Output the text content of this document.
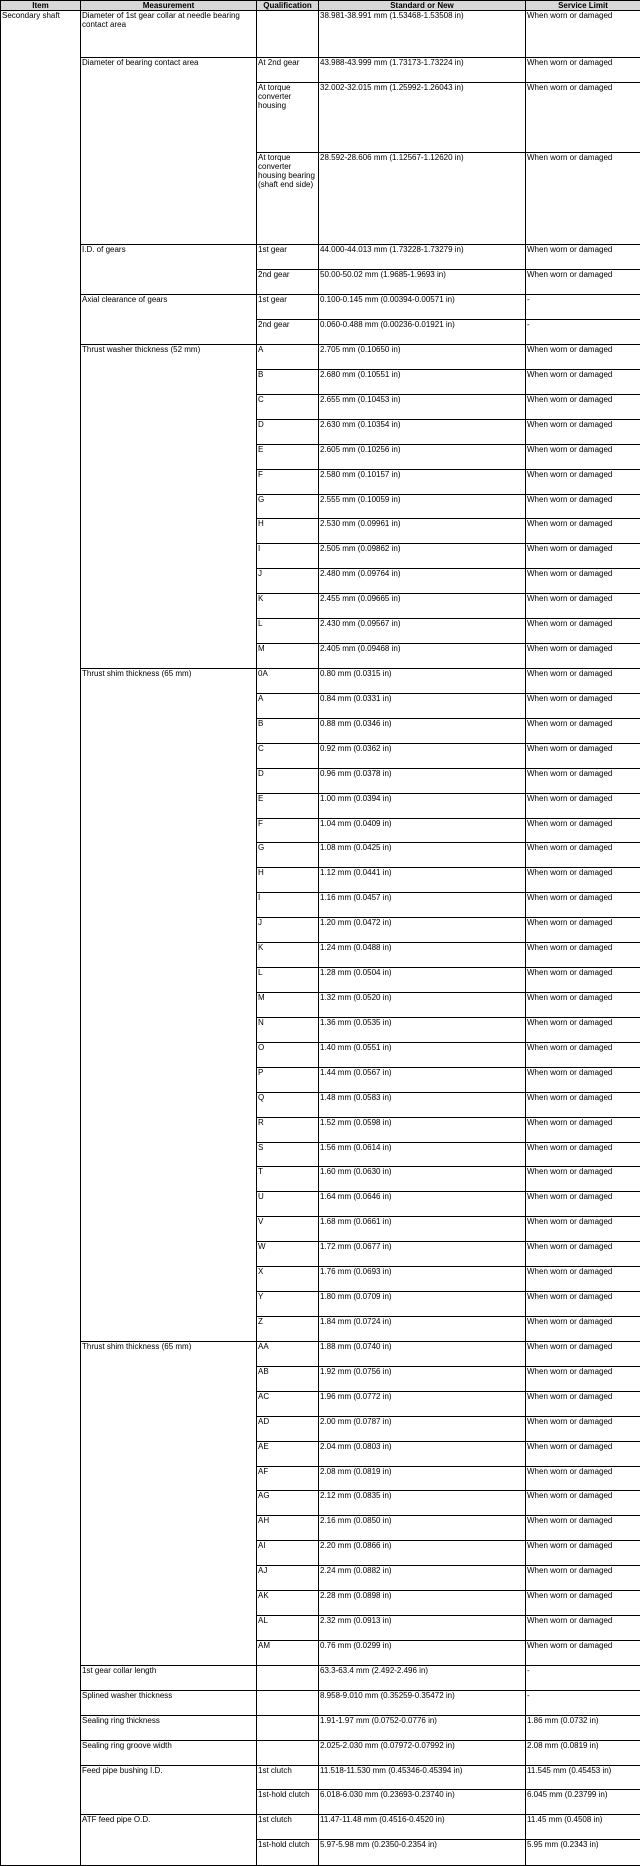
Item	Measurement	Qualification	Standard or New	Service Limit
Secondary shaft	Diameter of 1st gear collar at needle bearing contact area		38.981-38.991 mm (1.53468-1.53508 in)	When worn or damaged
	Diameter of bearing contact area	At 2nd gear	43.988-43.999 mm (1.73173-1.73224 in)	When worn or damaged
		At torque converter housing	32.002-32.015 mm (1.25992-1.26043 in)	When worn or damaged
		At torque converter housing bearing (shaft end side)	28.592-28.606 mm (1.12567-1.12620 in)	When worn or damaged
	I.D. of gears	1st gear	44.000-44.013 mm (1.73228-1.73279 in)	When worn or damaged
		2nd gear	50.00-50.02 mm (1.9685-1.9693 in)	When worn or damaged
	Axial clearance of gears	1st gear	0.100-0.145 mm (0.00394-0.00571 in)	-
		2nd gear	0.060-0.488 mm (0.00236-0.01921 in)	-
	Thrust washer thickness (52 mm)	A	2.705 mm (0.10650 in)	When worn or damaged
		B	2.680 mm (0.10551 in)	When worn or damaged
		C	2.655 mm (0.10453 in)	When worn or damaged
		D	2.630 mm (0.10354 in)	When worn or damaged
		E	2.605 mm (0.10256 in)	When worn or damaged
		F	2.580 mm (0.10157 in)	When worn or damaged
		G	2.555 mm (0.10059 in)	When worn or damaged
		H	2.530 mm (0.09961 in)	When worn or damaged
		I	2.505 mm (0.09862 in)	When worn or damaged
		J	2.480 mm (0.09764 in)	When worn or damaged
		K	2.455 mm (0.09665 in)	When worn or damaged
		L	2.430 mm (0.09567 in)	When worn or damaged
		M	2.405 mm (0.09468 in)	When worn or damaged
	Thrust shim thickness (65 mm)	0A	0.80 mm (0.0315 in)	When worn or damaged
		A	0.84 mm (0.0331 in)	When worn or damaged
		B	0.88 mm (0.0346 in)	When worn or damaged
		C	0.92 mm (0.0362 in)	When worn or damaged
		D	0.96 mm (0.0378 in)	When worn or damaged
		E	1.00 mm (0.0394 in)	When worn or damaged
		F	1.04 mm (0.0409 in)	When worn or damaged
		G	1.08 mm (0.0425 in)	When worn or damaged
		H	1.12 mm (0.0441 in)	When worn or damaged
		I	1.16 mm (0.0457 in)	When worn or damaged
		J	1.20 mm (0.0472 in)	When worn or damaged
		K	1.24 mm (0.0488 in)	When worn or damaged
		L	1.28 mm (0.0504 in)	When worn or damaged
		M	1.32 mm (0.0520 in)	When worn or damaged
		N	1.36 mm (0.0535 in)	When worn or damaged
		O	1.40 mm (0.0551 in)	When worn or damaged
		P	1.44 mm (0.0567 in)	When worn or damaged
		Q	1.48 mm (0.0583 in)	When worn or damaged
		R	1.52 mm (0.0598 in)	When worn or damaged
		S	1.56 mm (0.0614 in)	When worn or damaged
		T	1.60 mm (0.0630 in)	When worn or damaged
		U	1.64 mm (0.0646 in)	When worn or damaged
		V	1.68 mm (0.0661 in)	When worn or damaged
		W	1.72 mm (0.0677 in)	When worn or damaged
		X	1.76 mm (0.0693 in)	When worn or damaged
		Y	1.80 mm (0.0709 in)	When worn or damaged
		Z	1.84 mm (0.0724 in)	When worn or damaged
	Thrust shim thickness (65 mm)	AA	1.88 mm (0.0740 in)	When worn or damaged
		AB	1.92 mm (0.0756 in)	When worn or damaged
		AC	1.96 mm (0.0772 in)	When worn or damaged
		AD	2.00 mm (0.0787 in)	When worn or damaged
		AE	2.04 mm (0.0803 in)	When worn or damaged
		AF	2.08 mm (0.0819 in)	When worn or damaged
		AG	2.12 mm (0.0835 in)	When worn or damaged
		AH	2.16 mm (0.0850 in)	When worn or damaged
		AI	2.20 mm (0.0866 in)	When worn or damaged
		AJ	2.24 mm (0.0882 in)	When worn or damaged
		AK	2.28 mm (0.0898 in)	When worn or damaged
		AL	2.32 mm (0.0913 in)	When worn or damaged
		AM	0.76 mm (0.0299 in)	When worn or damaged
	1st gear collar length		63.3-63.4 mm (2.492-2.496 in)	-
	Splined washer thickness		8.958-9.010 mm (0.35259-0.35472 in)	-
	Sealing ring thickness		1.91-1.97 mm (0.0752-0.0776 in)	1.86 mm (0.0732 in)
	Sealing ring groove width		2.025-2.030 mm (0.07972-0.07992 in)	2.08 mm (0.0819 in)
	Feed pipe bushing I.D.	1st clutch	11.518-11.530 mm (0.45346-0.45394 in)	11.545 mm (0.45453 in)
		1st-hold clutch	6.018-6.030 mm (0.23693-0.23740 in)	6.045 mm (0.23799 in)
	ATF feed pipe O.D.	1st clutch	11.47-11.48 mm (0.4516-0.4520 in)	11.45 mm (0.4508 in)
		1st-hold clutch	5.97-5.98 mm (0.2350-0.2354 in)	5.95 mm (0.2343 in)
